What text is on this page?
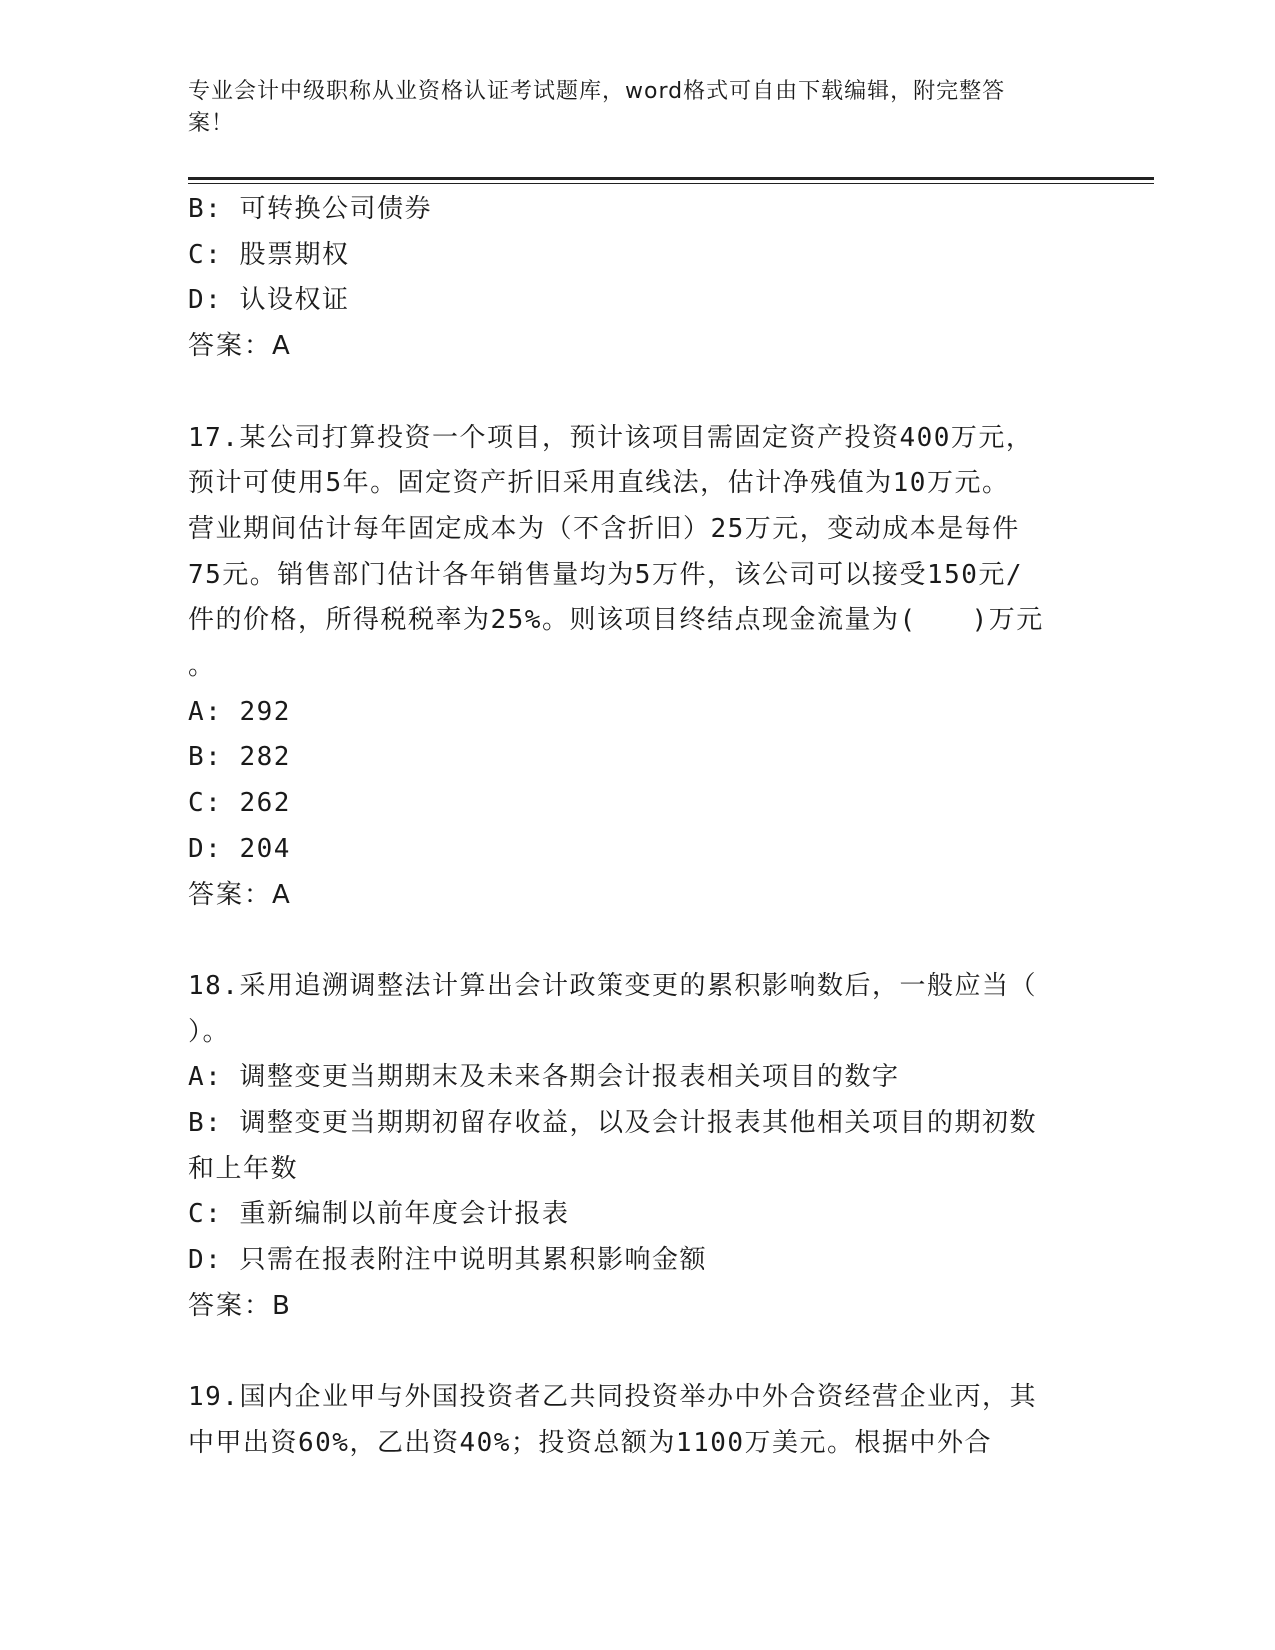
专业会计中级职称从业资格认证考试题库，word格式可自由下载编辑，附完整答
案！
B: 可转换公司债券
C: 股票期权
D: 认设权证
答案：A
17.某公司打算投资一个项目，预计该项目需固定资产投资400万元，
预计可使用5年。固定资产折旧采用直线法，估计净残值为10万元。
营业期间估计每年固定成本为（不含折旧）25万元，变动成本是每件
75元。销售部门估计各年销售量均为5万件，该公司可以接受150元/
件的价格，所得税税率为25%。则该项目终结点现金流量为(　　)万元
。
A: 292
B: 282
C: 262
D: 204
答案：A
18.采用追溯调整法计算出会计政策变更的累积影响数后，一般应当（
）。
A: 调整变更当期期末及未来各期会计报表相关项目的数字
B: 调整变更当期期初留存收益，以及会计报表其他相关项目的期初数
和上年数
C: 重新编制以前年度会计报表
D: 只需在报表附注中说明其累积影响金额
答案：B
19.国内企业甲与外国投资者乙共同投资举办中外合资经营企业丙，其
中甲出资60%，乙出资40%；投资总额为1100万美元。根据中外合
